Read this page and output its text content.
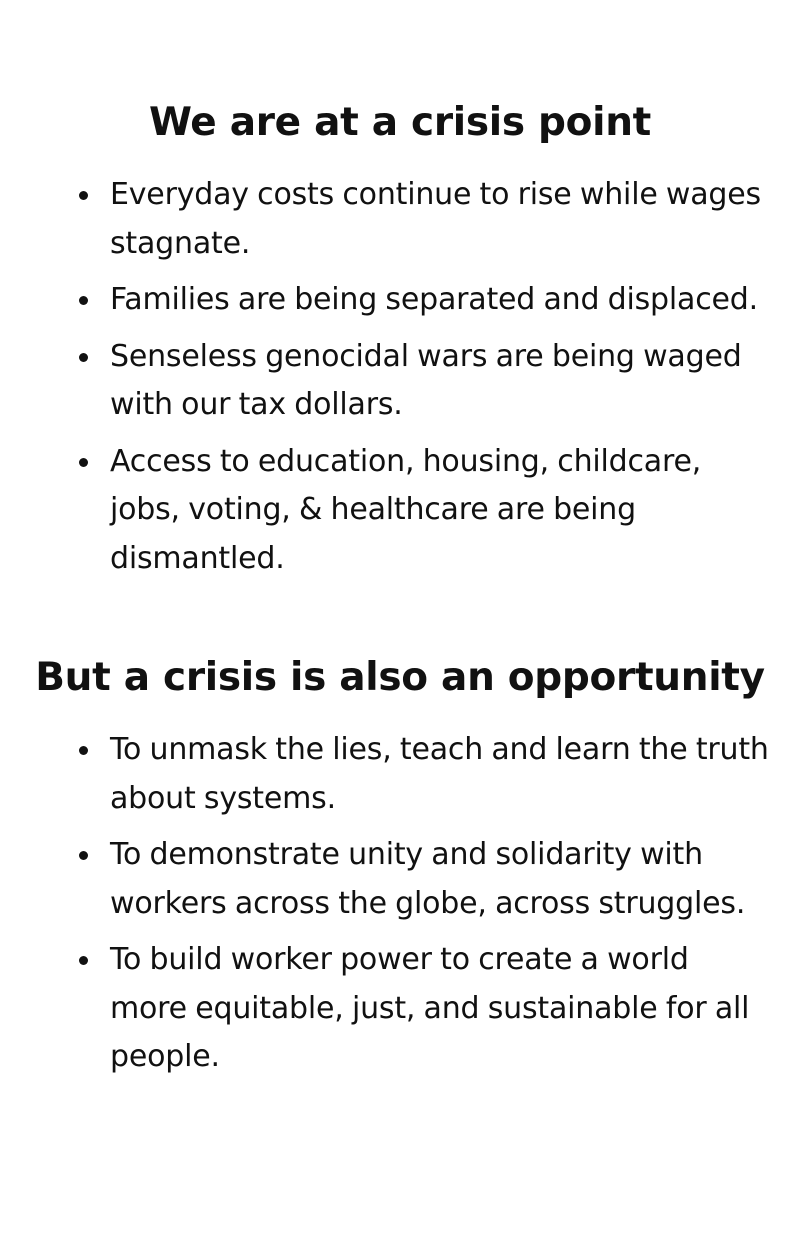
We are at a crisis point
Everyday costs continue to rise while wages stagnate.
Families are being separated and displaced.
Senseless genocidal wars are being waged with our tax dollars.
Access to education, housing, childcare, jobs, voting, & healthcare are being dismantled.
But a crisis is also an opportunity
To unmask the lies, teach and learn the truth about systems.
To demonstrate unity and solidarity with workers across the globe, across struggles.
To build worker power to create a world more equitable, just, and sustainable for all people.
